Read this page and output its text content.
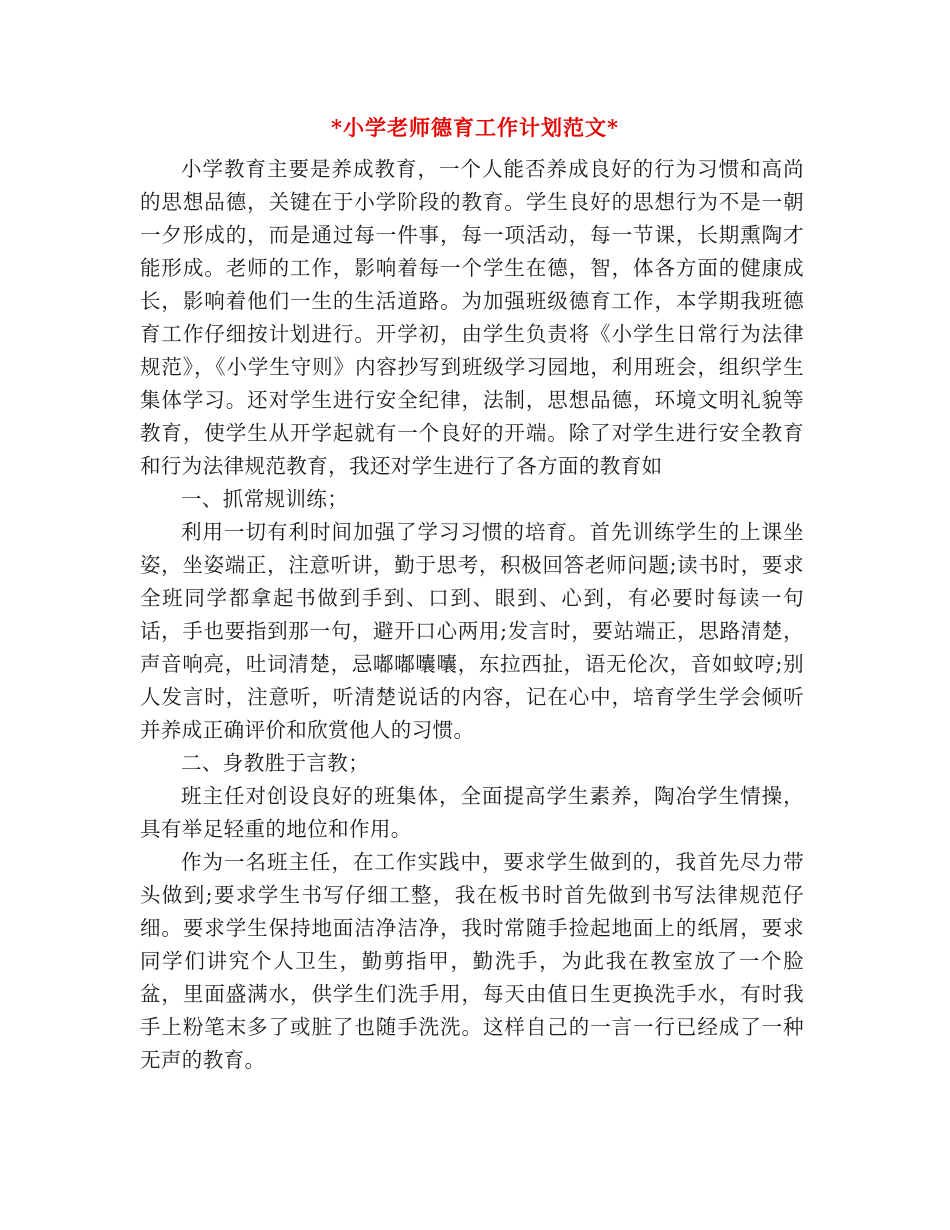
*小学老师德育工作计划范文*

小学教育主要是养成教育，一个人能否养成良好的行为习惯和高尚的思想品德，关键在于小学阶段的教育。学生良好的思想行为不是一朝一夕形成的，而是通过每一件事，每一项活动，每一节课，长期熏陶才能形成。老师的工作，影响着每一个学生在德，智，体各方面的健康成长，影响着他们一生的生活道路。为加强班级德育工作，本学期我班德育工作仔细按计划进行。开学初，由学生负责将《小学生日常行为法律规范》，《小学生守则》内容抄写到班级学习园地，利用班会，组织学生集体学习。还对学生进行安全纪律，法制，思想品德，环境文明礼貌等教育，使学生从开学起就有一个良好的开端。除了对学生进行安全教育和行为法律规范教育，我还对学生进行了各方面的教育如

一、抓常规训练；

利用一切有利时间加强了学习习惯的培育。首先训练学生的上课坐姿，坐姿端正，注意听讲，勤于思考，积极回答老师问题;读书时，要求全班同学都拿起书做到手到、口到、眼到、心到，有必要时每读一句话，手也要指到那一句，避开口心两用;发言时，要站端正，思路清楚，声音响亮，吐词清楚，忌嘟嘟囔囔，东拉西扯，语无伦次，音如蚊哼;别人发言时，注意听，听清楚说话的内容，记在心中，培育学生学会倾听并养成正确评价和欣赏他人的习惯。

二、身教胜于言教；

班主任对创设良好的班集体，全面提高学生素养，陶冶学生情操，具有举足轻重的地位和作用。

作为一名班主任，在工作实践中，要求学生做到的，我首先尽力带头做到;要求学生书写仔细工整，我在板书时首先做到书写法律规范仔细。要求学生保持地面洁净洁净，我时常随手捡起地面上的纸屑，要求同学们讲究个人卫生，勤剪指甲，勤洗手，为此我在教室放了一个脸盆，里面盛满水，供学生们洗手用，每天由值日生更换洗手水，有时我手上粉笔末多了或脏了也随手洗洗。这样自己的一言一行已经成了一种无声的教育。
